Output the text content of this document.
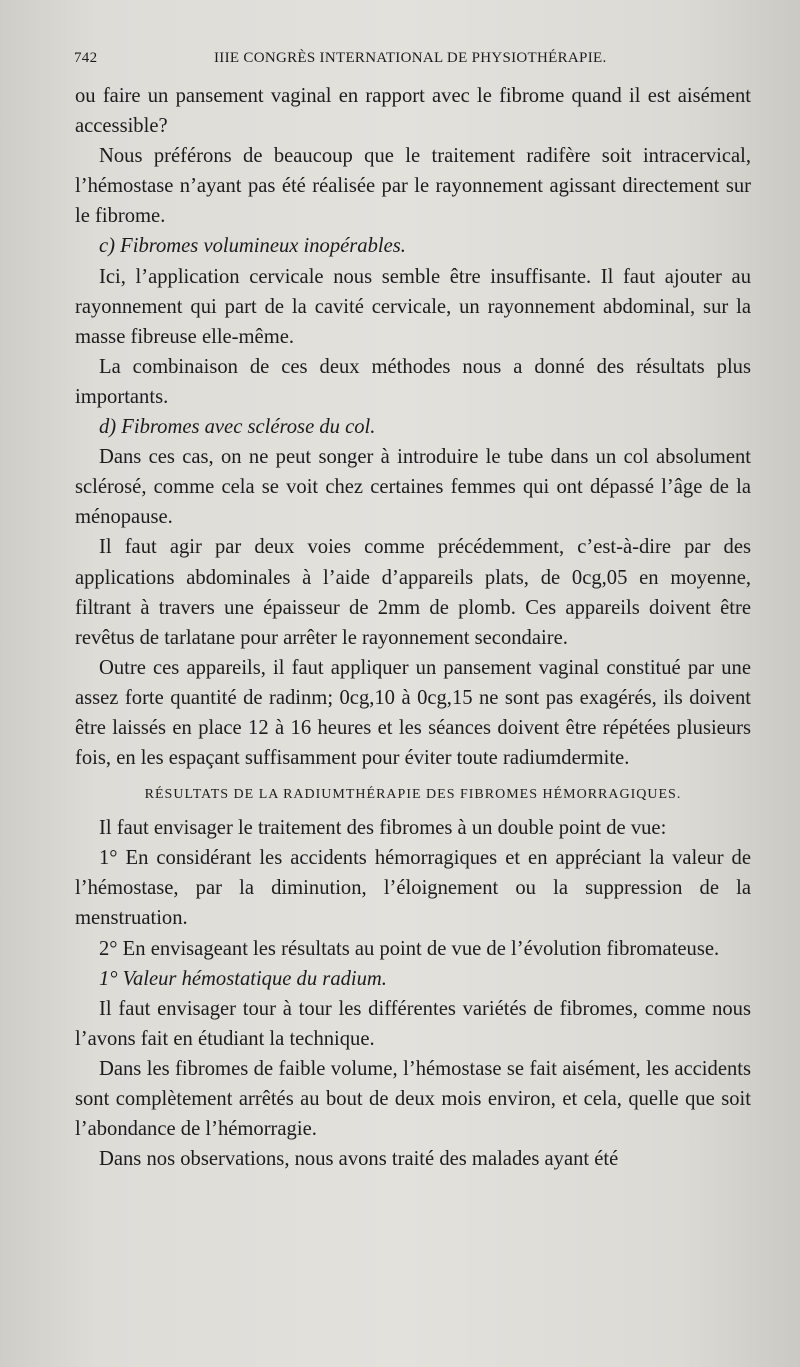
742	IIIE CONGRÈS INTERNATIONAL DE PHYSIOTHÉRAPIE.

ou faire un pansement vaginal en rapport avec le fibrome quand il est aisément accessible?

Nous préférons de beaucoup que le traitement radifère soit intracervical, l’hémostase n’ayant pas été réalisée par le rayonnement agissant directement sur le fibrome.

c) Fibromes volumineux inopérables.

Ici, l’application cervicale nous semble être insuffisante. Il faut ajouter au rayonnement qui part de la cavité cervicale, un rayonnement abdominal, sur la masse fibreuse elle-même.

La combinaison de ces deux méthodes nous a donné des résultats plus importants.

d) Fibromes avec sclérose du col.

Dans ces cas, on ne peut songer à introduire le tube dans un col absolument sclérosé, comme cela se voit chez certaines femmes qui ont dépassé l’âge de la ménopause.

Il faut agir par deux voies comme précédemment, c’est-à-dire par des applications abdominales à l’aide d’appareils plats, de 0cg,05 en moyenne, filtrant à travers une épaisseur de 2mm de plomb. Ces appareils doivent être revêtus de tarlatane pour arrêter le rayonnement secondaire.

Outre ces appareils, il faut appliquer un pansement vaginal constitué par une assez forte quantité de radinm; 0cg,10 à 0cg,15 ne sont pas exagérés, ils doivent être laissés en place 12 à 16 heures et les séances doivent être répétées plusieurs fois, en les espaçant suffisamment pour éviter toute radiumdermite.

RÉSULTATS DE LA RADIUMTHÉRAPIE DES FIBROMES HÉMORRAGIQUES.

Il faut envisager le traitement des fibromes à un double point de vue:

1° En considérant les accidents hémorragiques et en appréciant la valeur de l’hémostase, par la diminution, l’éloignement ou la suppression de la menstruation.

2° En envisageant les résultats au point de vue de l’évolution fibromateuse.

1° Valeur hémostatique du radium.

Il faut envisager tour à tour les différentes variétés de fibromes, comme nous l’avons fait en étudiant la technique.

Dans les fibromes de faible volume, l’hémostase se fait aisément, les accidents sont complètement arrêtés au bout de deux mois environ, et cela, quelle que soit l’abondance de l’hémorragie.

Dans nos observations, nous avons traité des malades ayant été
